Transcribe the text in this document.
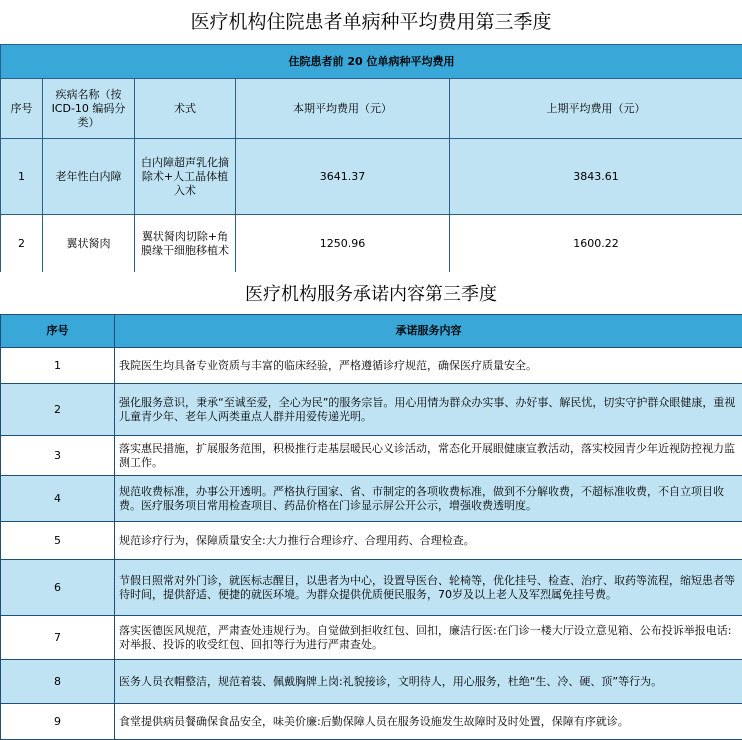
医疗机构住院患者单病种平均费用第三季度
住院患者前 20 位单病种平均费用				
序号	疾病名称（按 ICD-10 编码分类）	术式	本期平均费用（元）	上期平均费用（元）
1	老年性白内障	白内障超声乳化摘除术+人工晶体植入术	3641.37	3843.61
2	翼状胬肉	翼状胬肉切除+角膜缘干细胞移植术	1250.96	1600.22
医疗机构服务承诺内容第三季度
序号	承诺服务内容
1	我院医生均具备专业资质与丰富的临床经验，严格遵循诊疗规范，确保医疗质量安全。
2	强化服务意识，秉承“至诚至爱，全心为民”的服务宗旨。用心用情为群众办实事、办好事、解民忧，切实守护群众眼健康，重视儿童青少年、老年人两类重点人群并用爱传递光明。
3	落实惠民措施，扩展服务范围，积极推行走基层暖民心义诊活动，常态化开展眼健康宣教活动，落实校园青少年近视防控视力监测工作。
4	规范收费标准，办事公开透明。严格执行国家、省、市制定的各项收费标准，做到不分解收费，不超标准收费，不自立项目收费。医疗服务项目常用检查项目、药品价格在门诊显示屏公开公示，增强收费透明度。
5	规范诊疗行为，保障质量安全:大力推行合理诊疗、合理用药、合理检查。
6	节假日照常对外门诊，就医标志醒目，以患者为中心，设置导医台、轮椅等，优化挂号、检查、治疗、取药等流程，缩短患者等待时间，提供舒适、便捷的就医环境。为群众提供优质便民服务，70岁及以上老人及军烈属免挂号费。
7	落实医德医风规范，严肃查处违规行为。自觉做到拒收红包、回扣，廉洁行医:在门诊一楼大厅设立意见箱、公布投诉举报电话:对举报、投诉的收受红包、回扣等行为进行严肃查处。
8	医务人员衣帽整洁，规范着装、佩戴胸牌上岗:礼貌接诊，文明待人，用心服务，杜绝“生、冷、硬、顶”等行为。
9	食堂提供病员餐确保食品安全，味美价廉:后勤保障人员在服务设施发生故障时及时处置，保障有序就诊。
